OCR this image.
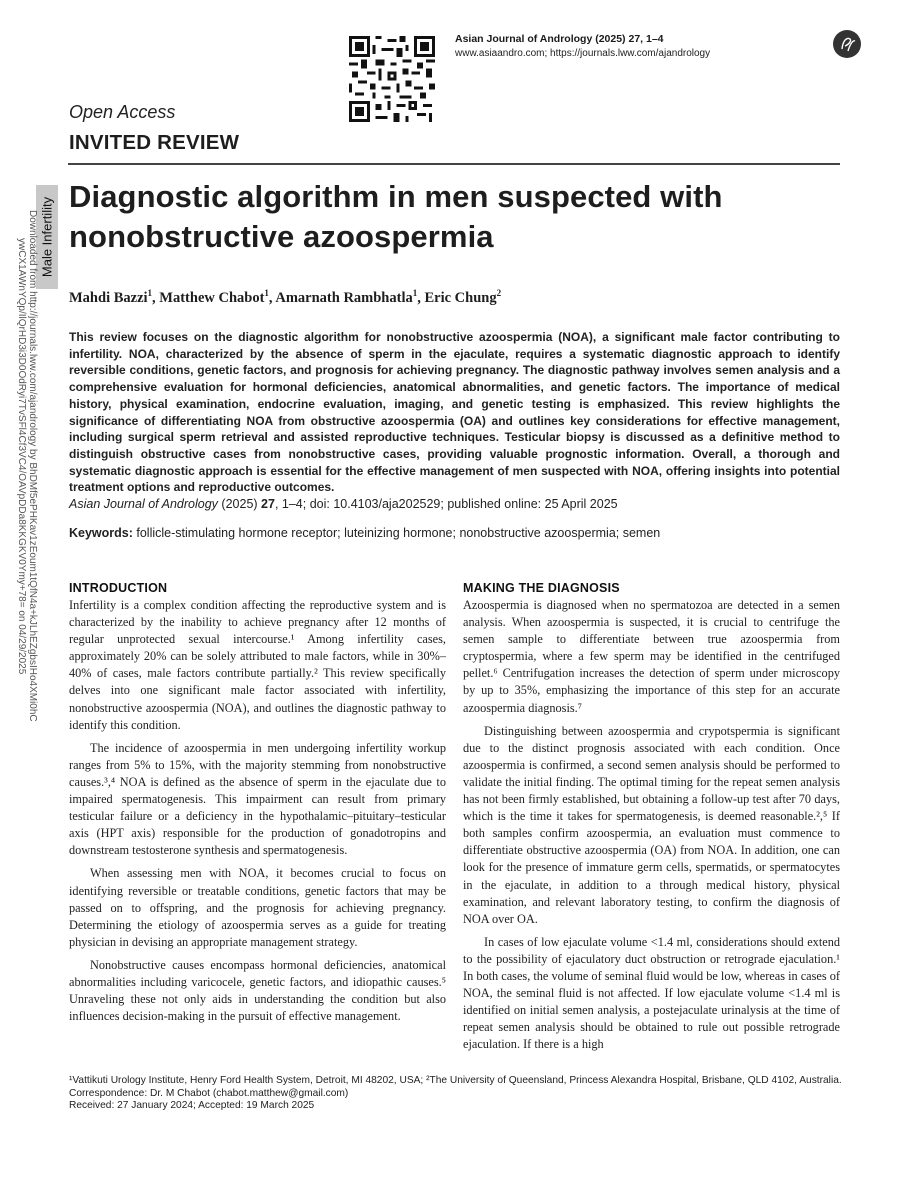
Asian Journal of Andrology (2025) 27, 1–4
www.asiaandro.com; https://journals.lww.com/ajandrology
Open Access
INVITED REVIEW
Male Infertility
Downloaded from http://journals.lww.com/ajandrology by BhDMf5ePHKav1zEoum1tQfN4a+kJLhEZgbsIHo4XMi0hC
ywCX1AWnYQp/IlQrHD3i3D0OdRyi7TvSFl4Cf3VC4/OAVpDDa8KKGKV0Ymy+78= on 04/29/2025
Diagnostic algorithm in men suspected with nonobstructive azoospermia
Mahdi Bazzi$^1$, Matthew Chabot$^1$, Amarnath Rambhatla$^1$, Eric Chung$^2$
This review focuses on the diagnostic algorithm for nonobstructive azoospermia (NOA), a significant male factor contributing to infertility. NOA, characterized by the absence of sperm in the ejaculate, requires a systematic diagnostic approach to identify reversible conditions, genetic factors, and prognosis for achieving pregnancy. The diagnostic pathway involves semen analysis and a comprehensive evaluation for hormonal deficiencies, anatomical abnormalities, and genetic factors. The importance of medical history, physical examination, endocrine evaluation, imaging, and genetic testing is emphasized. This review highlights the significance of differentiating NOA from obstructive azoospermia (OA) and outlines key considerations for effective management, including surgical sperm retrieval and assisted reproductive techniques. Testicular biopsy is discussed as a definitive method to distinguish obstructive cases from nonobstructive cases, providing valuable prognostic information. Overall, a thorough and systematic diagnostic approach is essential for the effective management of men suspected with NOA, offering insights into potential treatment options and reproductive outcomes.
Asian Journal of Andrology (2025) 27, 1–4; doi: 10.4103/aja202529; published online: 25 April 2025
Keywords: follicle-stimulating hormone receptor; luteinizing hormone; nonobstructive azoospermia; semen
INTRODUCTION

Infertility is a complex condition affecting the reproductive system and is characterized by the inability to achieve pregnancy after 12 months of regular unprotected sexual intercourse.¹ Among infertility cases, approximately 20% can be solely attributed to male factors, while in 30%–40% of cases, male factors contribute partially.² This review specifically delves into one significant male factor associated with infertility, nonobstructive azoospermia (NOA), and outlines the diagnostic pathway to identify this condition.

The incidence of azoospermia in men undergoing infertility workup ranges from 5% to 15%, with the majority stemming from nonobstructive causes.³,⁴ NOA is defined as the absence of sperm in the ejaculate due to impaired spermatogenesis. This impairment can result from primary testicular failure or a deficiency in the hypothalamic–pituitary–testicular axis (HPT axis) responsible for the production of gonadotropins and downstream testosterone synthesis and spermatogenesis.

When assessing men with NOA, it becomes crucial to focus on identifying reversible or treatable conditions, genetic factors that may be passed on to offspring, and the prognosis for achieving pregnancy. Determining the etiology of azoospermia serves as a guide for treating physician in devising an appropriate management strategy.

Nonobstructive causes encompass hormonal deficiencies, anatomical abnormalities including varicocele, genetic factors, and idiopathic causes.⁵ Unraveling these not only aids in understanding the condition but also influences decision-making in the pursuit of effective management.

MAKING THE DIAGNOSIS

Azoospermia is diagnosed when no spermatozoa are detected in a semen analysis. When azoospermia is suspected, it is crucial to centrifuge the semen sample to differentiate between true azoospermia from cryptospermia, where a few sperm may be identified in the centrifuged pellet.⁶ Centrifugation increases the detection of sperm under microscopy by up to 35%, emphasizing the importance of this step for an accurate azoospermia diagnosis.⁷

Distinguishing between azoospermia and crypotspermia is significant due to the distinct prognosis associated with each condition. Once azoospermia is confirmed, a second semen analysis should be performed to validate the initial finding. The optimal timing for the repeat semen analysis has not been firmly established, but obtaining a follow-up test after 70 days, which is the time it takes for spermatogenesis, is deemed reasonable.²,⁵ If both samples confirm azoospermia, an evaluation must commence to differentiate obstructive azoospermia (OA) from NOA. In addition, one can look for the presence of immature germ cells, spermatids, or spermatocytes in the ejaculate, in addition to a through medical history, physical examination, and relevant laboratory testing, to confirm the diagnosis of NOA over OA.

In cases of low ejaculate volume <1.4 ml, considerations should extend to the possibility of ejaculatory duct obstruction or retrograde ejaculation.¹ In both cases, the volume of seminal fluid would be low, whereas in cases of NOA, the seminal fluid is not affected. If low ejaculate volume <1.4 ml is identified on initial semen analysis, a postejaculate urinalysis at the time of repeat semen analysis should be obtained to rule out possible retrograde ejaculation. If there is a high

¹Vattikuti Urology Institute, Henry Ford Health System, Detroit, MI 48202, USA; ²The University of Queensland, Princess Alexandra Hospital, Brisbane, QLD 4102, Australia.
Correspondence: Dr. M Chabot (chabot.matthew@gmail.com)
Received: 27 January 2024; Accepted: 19 March 2025
